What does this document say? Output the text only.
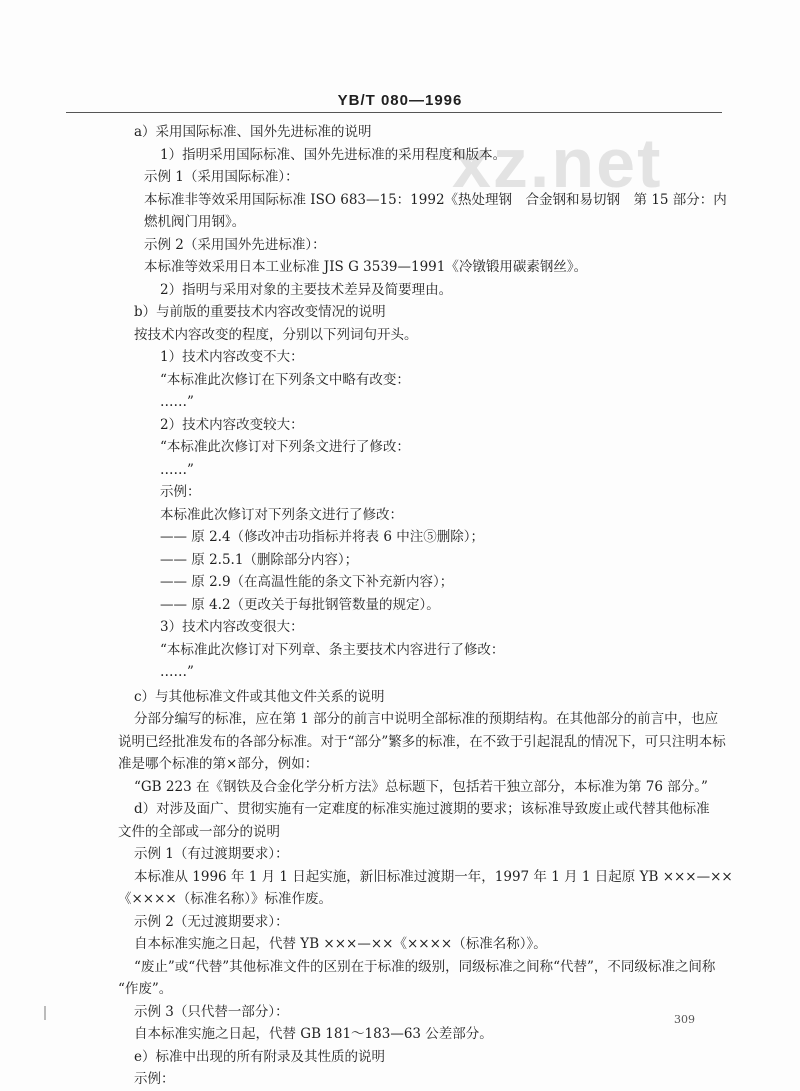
YB/T 080—1996
xz.net
a）采用国际标准、国外先进标准的说明
1）指明采用国际标准、国外先进标准的采用程度和版本。
示例 1（采用国际标准）：
本标准非等效采用国际标准 ISO 683—15：1992《热处理钢　合金钢和易切钢　第 15 部分：内
燃机阀门用钢》。
示例 2（采用国外先进标准）：
本标准等效采用日本工业标准 JIS G 3539—1991《冷镦锻用碳素钢丝》。
2）指明与采用对象的主要技术差异及简要理由。
b）与前版的重要技术内容改变情况的说明
按技术内容改变的程度，分别以下列词句开头。
1）技术内容改变不大：
“本标准此次修订在下列条文中略有改变：
……”
2）技术内容改变较大：
“本标准此次修订对下列条文进行了修改：
……”
示例：
本标准此次修订对下列条文进行了修改：
—— 原 2.4（修改冲击功指标并将表 6 中注⑤删除）；
—— 原 2.5.1（删除部分内容）；
—— 原 2.9（在高温性能的条文下补充新内容）；
—— 原 4.2（更改关于每批钢管数量的规定）。
3）技术内容改变很大：
“本标准此次修订对下列章、条主要技术内容进行了修改：
……”
c）与其他标准文件或其他文件关系的说明
分部分编写的标准，应在第 1 部分的前言中说明全部标准的预期结构。在其他部分的前言中，也应
说明已经批准发布的各部分标准。对于“部分”繁多的标准，在不致于引起混乱的情况下，可只注明本标
准是哪个标准的第×部分，例如：
“GB 223 在《钢铁及合金化学分析方法》总标题下，包括若干独立部分，本标准为第 76 部分。”
d）对涉及面广、贯彻实施有一定难度的标准实施过渡期的要求；该标准导致废止或代替其他标准
文件的全部或一部分的说明
示例 1（有过渡期要求）：
本标准从 1996 年 1 月 1 日起实施，新旧标准过渡期一年，1997 年 1 月 1 日起原 YB ×××—××
《××××（标准名称）》标准作废。
示例 2（无过渡期要求）：
自本标准实施之日起，代替 YB ×××—××《××××（标准名称）》。
“废止”或“代替”其他标准文件的区别在于标准的级别，同级标准之间称“代替”，不同级标准之间称
“作废”。
示例 3（只代替一部分）：
自本标准实施之日起，代替 GB 181～183—63 公差部分。
e）标准中出现的所有附录及其性质的说明
示例：
309
